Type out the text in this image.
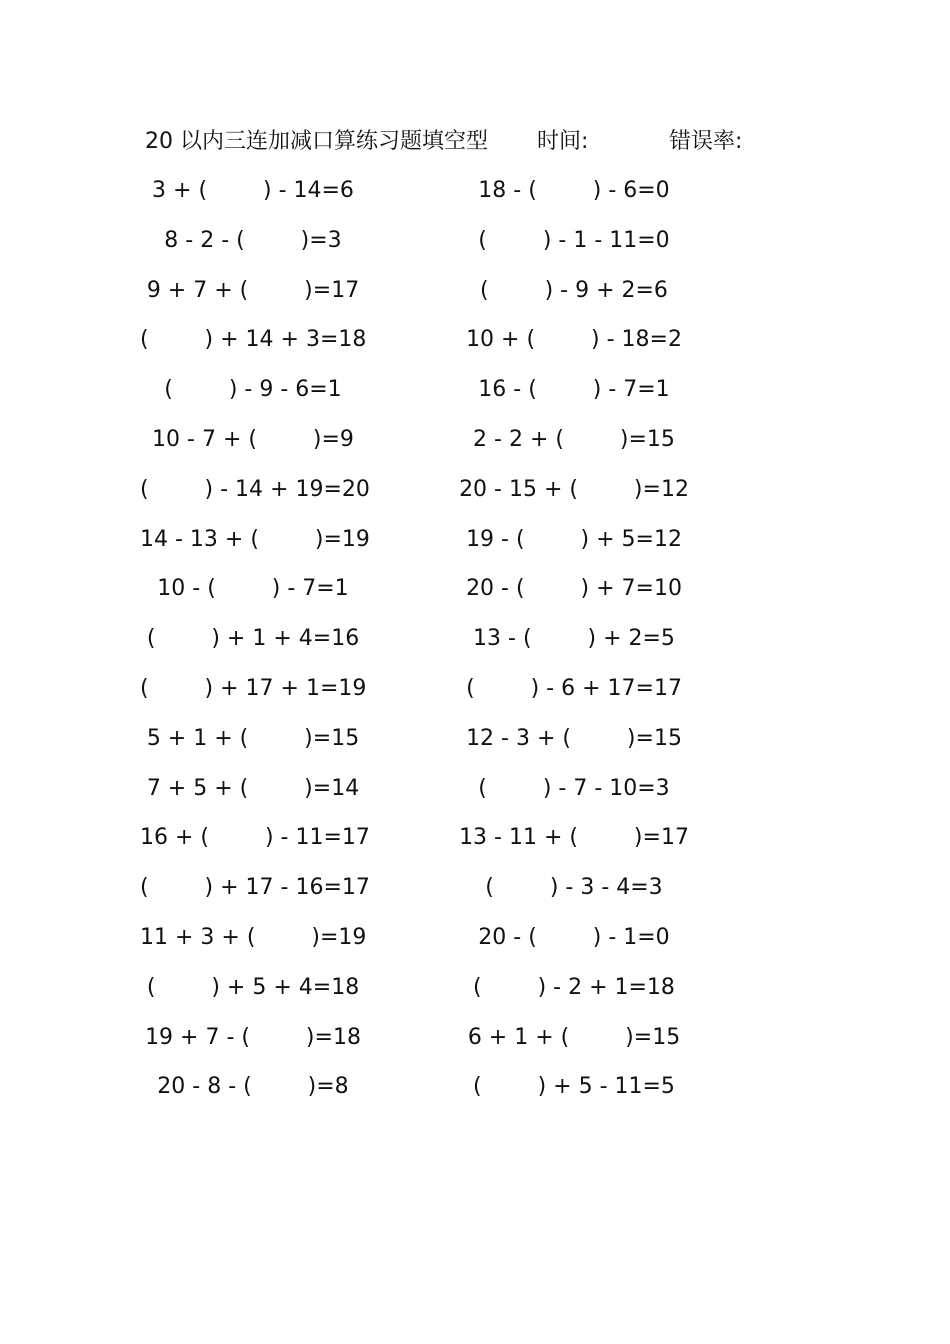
20 以内三连加减口算练习题填空型 时间:	错误率:
3 + (        ) - 14=6
8 - 2 - (        )=3
9 + 7 + (        )=17
(        ) + 14 + 3=18
(        ) - 9 - 6=1
10 - 7 + (        )=9
(        ) - 14 + 19=20
14 - 13 + (        )=19
10 - (        ) - 7=1
(        ) + 1 + 4=16
(        ) + 17 + 1=19
5 + 1 + (        )=15
7 + 5 + (        )=14
16 + (        ) - 11=17
(        ) + 17 - 16=17
11 + 3 + (        )=19
(        ) + 5 + 4=18
19 + 7 - (        )=18
20 - 8 - (        )=8
18 - (        ) - 6=0
(        ) - 1 - 11=0
(        ) - 9 + 2=6
10 + (        ) - 18=2
16 - (        ) - 7=1
2 - 2 + (        )=15
20 - 15 + (        )=12
19 - (        ) + 5=12
20 - (        ) + 7=10
13 - (        ) + 2=5
(        ) - 6 + 17=17
12 - 3 + (        )=15
(        ) - 7 - 10=3
13 - 11 + (        )=17
(        ) - 3 - 4=3
20 - (        ) - 1=0
(        ) - 2 + 1=18
6 + 1 + (        )=15
(        ) + 5 - 11=5
